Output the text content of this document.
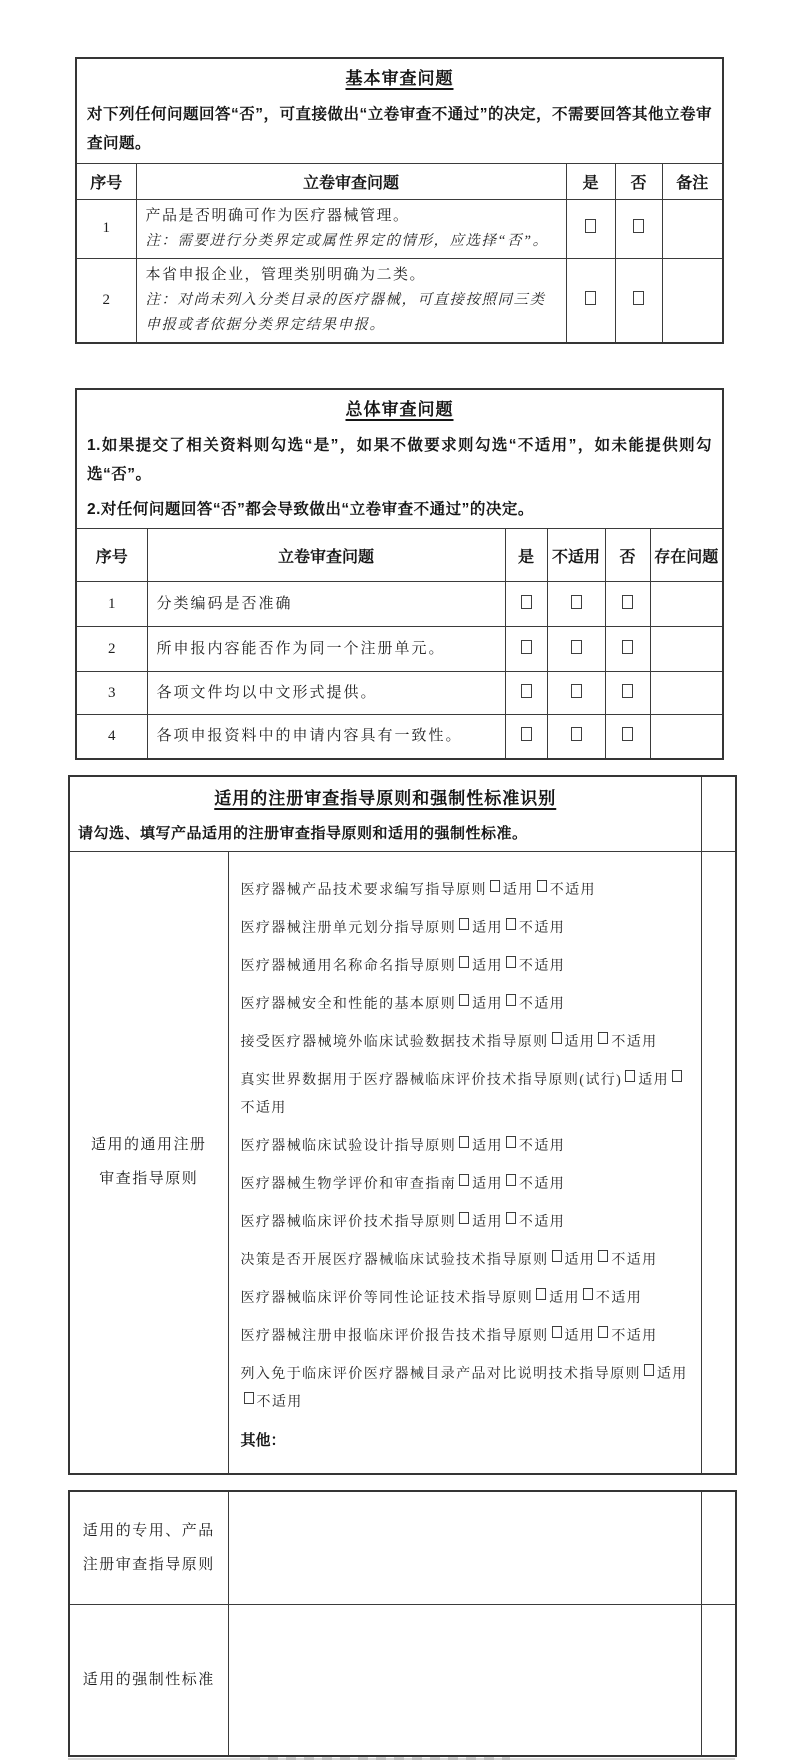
基本审查问题
对下列任何问题回答“否”，可直接做出“立卷审查不通过”的决定，不需要回答其他立卷审查问题。				

序号	立卷审查问题	是	否	备注
1	产品是否明确可作为医疗器械管理。
注：需要进行分类界定或属性界定的情形，应选择“否”。			

2	本省申报企业，管理类别明确为二类。
注：对尚未列入分类目录的医疗器械，可直接按照同三类申报或者依据分类界定结果申报。			

总体审查问题
1.如果提交了相关资料则勾选“是”，如果不做要求则勾选“不适用”，如未能提供则勾选“否”。
2.对任何问题回答“否”都会导致做出“立卷审查不通过”的决定。					

序号	立卷审查问题	是	不适用	否	存在问题
1	分类编码是否准确				

2	所申报内容能否作为同一个注册单元。				

3	各项文件均以中文形式提供。				

4	各项申报资料中的申请内容具有一致性。				

适用的注册审查指导原则和强制性标准识别
请勾选、填写产品适用的注册审查指导原则和适用的强制性标准。		

适用的通用注册
审查指导原则

医疗器械产品技术要求编写指导原则 适用 不适用

医疗器械注册单元划分指导原则 适用 不适用

医疗器械通用名称命名指导原则 适用 不适用

医疗器械安全和性能的基本原则 适用 不适用

接受医疗器械境外临床试验数据技术指导原则 适用 不适用

真实世界数据用于医疗器械临床评价技术指导原则(试行) 适用不适用

医疗器械临床试验设计指导原则 适用 不适用

医疗器械生物学评价和审查指南 适用 不适用

医疗器械临床评价技术指导原则 适用 不适用

决策是否开展医疗器械临床试验技术指导原则 适用 不适用

医疗器械临床评价等同性论证技术指导原则 适用 不适用

医疗器械注册申报临床评价报告技术指导原则 适用 不适用

列入免于临床评价医疗器械目录产品对比说明技术指导原则 适用不适用

其他：

适用的专用、产品
注册审查指导原则		

适用的强制性标准		
